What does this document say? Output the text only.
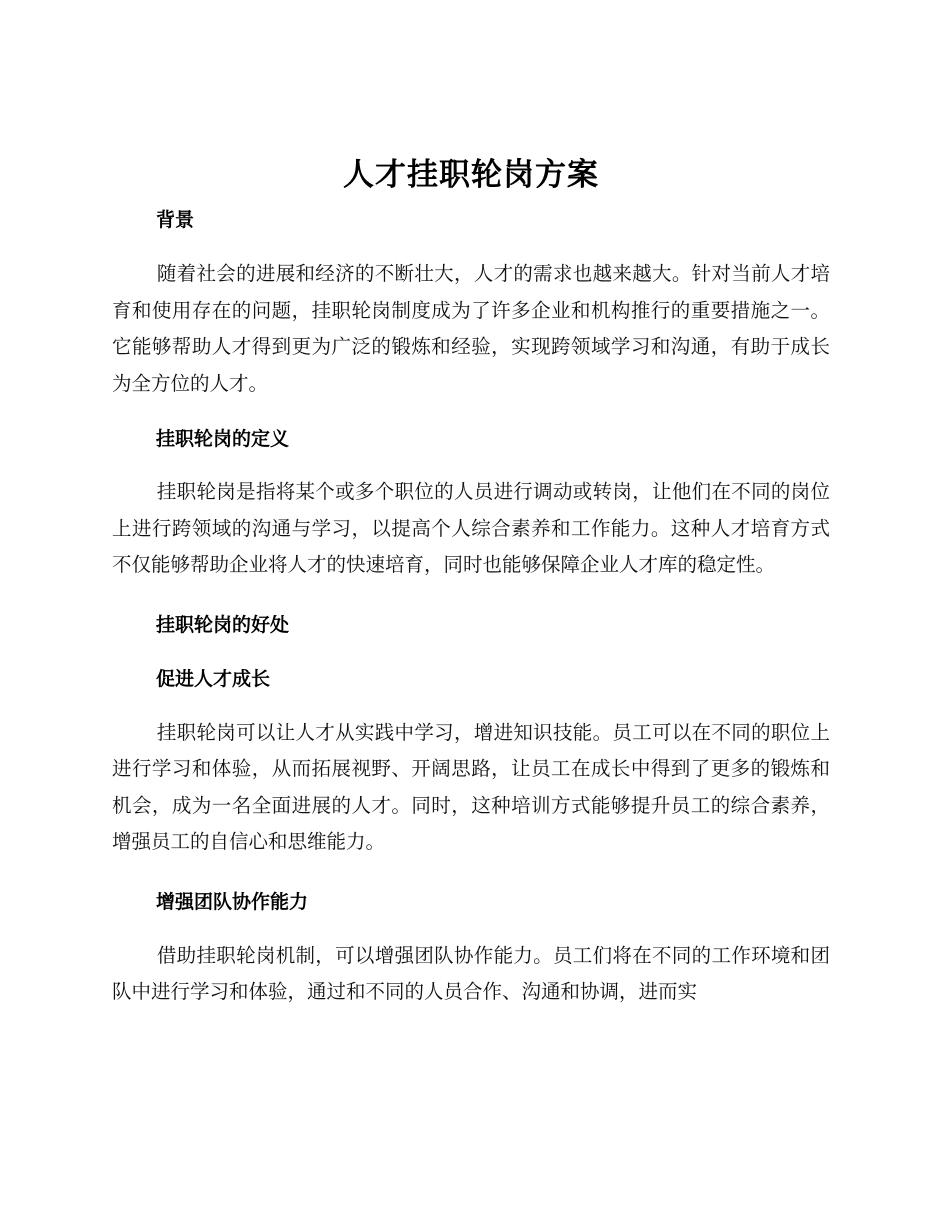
人才挂职轮岗方案
背景

随着社会的进展和经济的不断壮大，人才的需求也越来越大。针对当前人才培育和使用存在的问题，挂职轮岗制度成为了许多企业和机构推行的重要措施之一。它能够帮助人才得到更为广泛的锻炼和经验，实现跨领域学习和沟通，有助于成长为全方位的人才。

挂职轮岗的定义

挂职轮岗是指将某个或多个职位的人员进行调动或转岗，让他们在不同的岗位上进行跨领域的沟通与学习，以提高个人综合素养和工作能力。这种人才培育方式不仅能够帮助企业将人才的快速培育，同时也能够保障企业人才库的稳定性。

挂职轮岗的好处
促进人才成长

挂职轮岗可以让人才从实践中学习，增进知识技能。员工可以在不同的职位上进行学习和体验，从而拓展视野、开阔思路，让员工在成长中得到了更多的锻炼和机会，成为一名全面进展的人才。同时，这种培训方式能够提升员工的综合素养，增强员工的自信心和思维能力。

增强团队协作能力

借助挂职轮岗机制，可以增强团队协作能力。员工们将在不同的工作环境和团队中进行学习和体验，通过和不同的人员合作、沟通和协调，进而实
